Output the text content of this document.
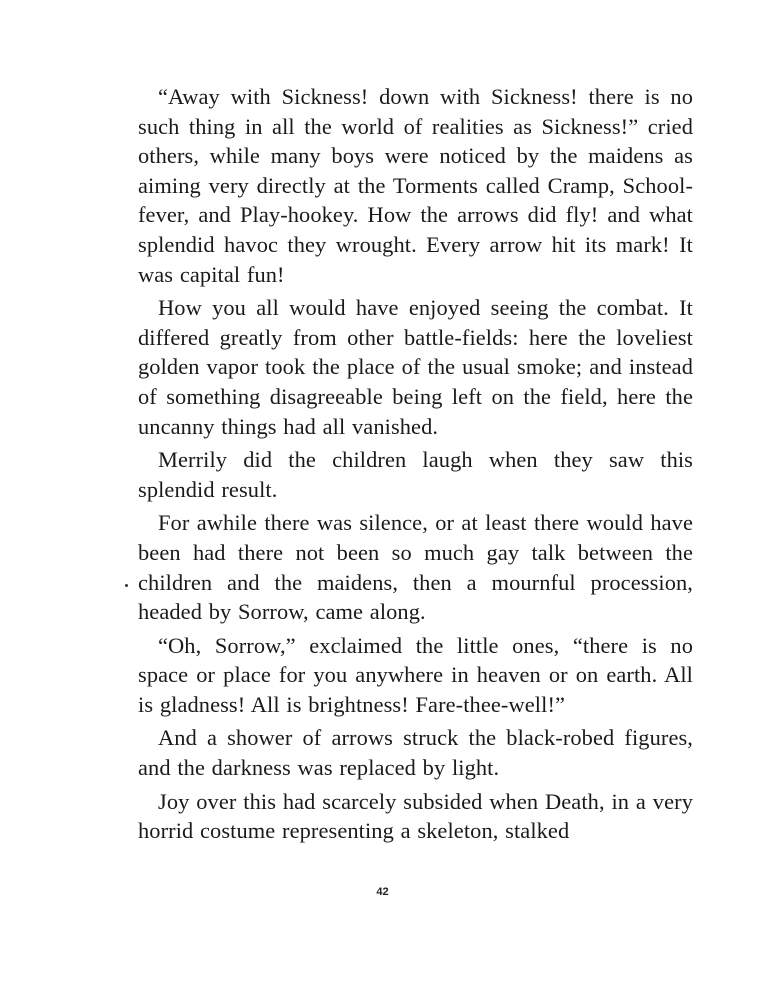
“Away with Sickness! down with Sickness! there is no such thing in all the world of realities as Sickness!” cried others, while many boys were noticed by the maidens as aiming very directly at the Torments called Cramp, School-fever, and Play-hookey. How the arrows did fly! and what splendid havoc they wrought. Every arrow hit its mark! It was capital fun!

How you all would have enjoyed seeing the combat. It differed greatly from other battle-fields: here the loveliest golden vapor took the place of the usual smoke; and instead of something disagreeable being left on the field, here the uncanny things had all vanished.

Merrily did the children laugh when they saw this splendid result.

For awhile there was silence, or at least there would have been had there not been so much gay talk between the children and the maidens, then a mournful procession, headed by Sorrow, came along.

“Oh, Sorrow,” exclaimed the little ones, “there is no space or place for you anywhere in heaven or on earth. All is gladness! All is brightness! Fare-thee-well!”

And a shower of arrows struck the black-robed figures, and the darkness was replaced by light.

Joy over this had scarcely subsided when Death, in a very horrid costume representing a skeleton, stalked

42
